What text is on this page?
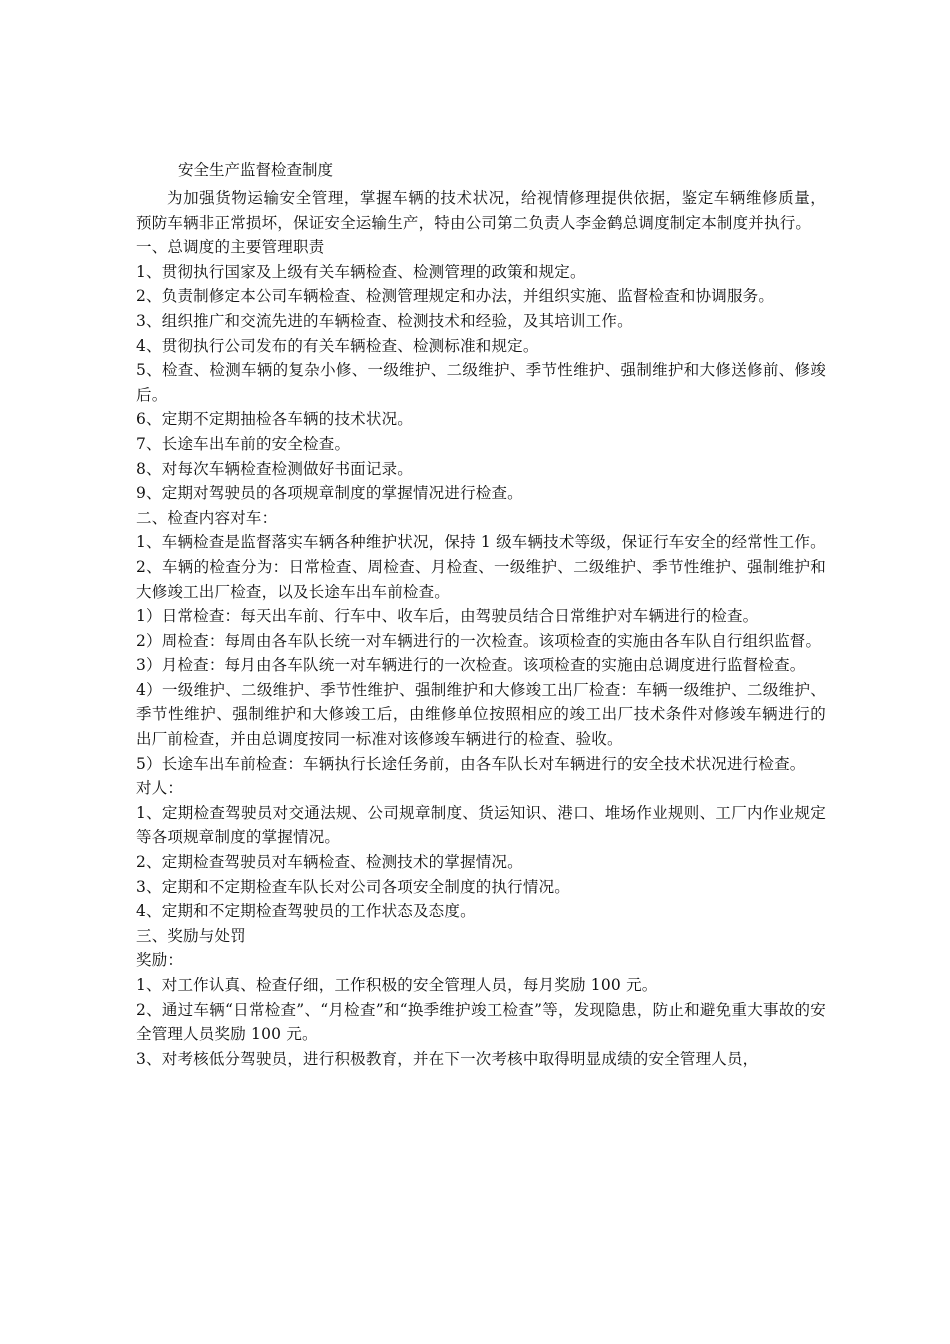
安全生产监督检查制度

为加强货物运输安全管理，掌握车辆的技术状况，给视情修理提供依据，鉴定车辆维修质量，预防车辆非正常损坏，保证安全运输生产，特由公司第二负责人李金鹤总调度制定本制度并执行。

一、总调度的主要管理职责

1、贯彻执行国家及上级有关车辆检查、检测管理的政策和规定。

2、负责制修定本公司车辆检查、检测管理规定和办法，并组织实施、监督检查和协调服务。

3、组织推广和交流先进的车辆检查、检测技术和经验，及其培训工作。

4、贯彻执行公司发布的有关车辆检查、检测标准和规定。

5、检查、检测车辆的复杂小修、一级维护、二级维护、季节性维护、强制维护和大修送修前、修竣后。

6、定期不定期抽检各车辆的技术状况。

7、长途车出车前的安全检查。

8、对每次车辆检查检测做好书面记录。

9、定期对驾驶员的各项规章制度的掌握情况进行检查。

二、检查内容对车：

1、车辆检查是监督落实车辆各种维护状况，保持 1 级车辆技术等级，保证行车安全的经常性工作。

2、车辆的检查分为：日常检查、周检查、月检查、一级维护、二级维护、季节性维护、强制维护和大修竣工出厂检查，以及长途车出车前检查。

1）日常检查：每天出车前、行车中、收车后，由驾驶员结合日常维护对车辆进行的检查。

2）周检查：每周由各车队长统一对车辆进行的一次检查。该项检查的实施由各车队自行组织监督。

3）月检查：每月由各车队统一对车辆进行的一次检查。该项检查的实施由总调度进行监督检查。

4）一级维护、二级维护、季节性维护、强制维护和大修竣工出厂检查：车辆一级维护、二级维护、季节性维护、强制维护和大修竣工后，由维修单位按照相应的竣工出厂技术条件对修竣车辆进行的出厂前检查，并由总调度按同一标准对该修竣车辆进行的检查、验收。

5）长途车出车前检查：车辆执行长途任务前，由各车队长对车辆进行的安全技术状况进行检查。

对人：

1、定期检查驾驶员对交通法规、公司规章制度、货运知识、港口、堆场作业规则、工厂内作业规定等各项规章制度的掌握情况。

2、定期检查驾驶员对车辆检查、检测技术的掌握情况。

3、定期和不定期检查车队长对公司各项安全制度的执行情况。

4、定期和不定期检查驾驶员的工作状态及态度。

三、奖励与处罚

奖励：

1、对工作认真、检查仔细，工作积极的安全管理人员，每月奖励 100 元。

2、通过车辆“日常检查”、“月检查”和“换季维护竣工检查”等，发现隐患，防止和避免重大事故的安全管理人员奖励 100 元。

3、对考核低分驾驶员，进行积极教育，并在下一次考核中取得明显成绩的安全管理人员，
